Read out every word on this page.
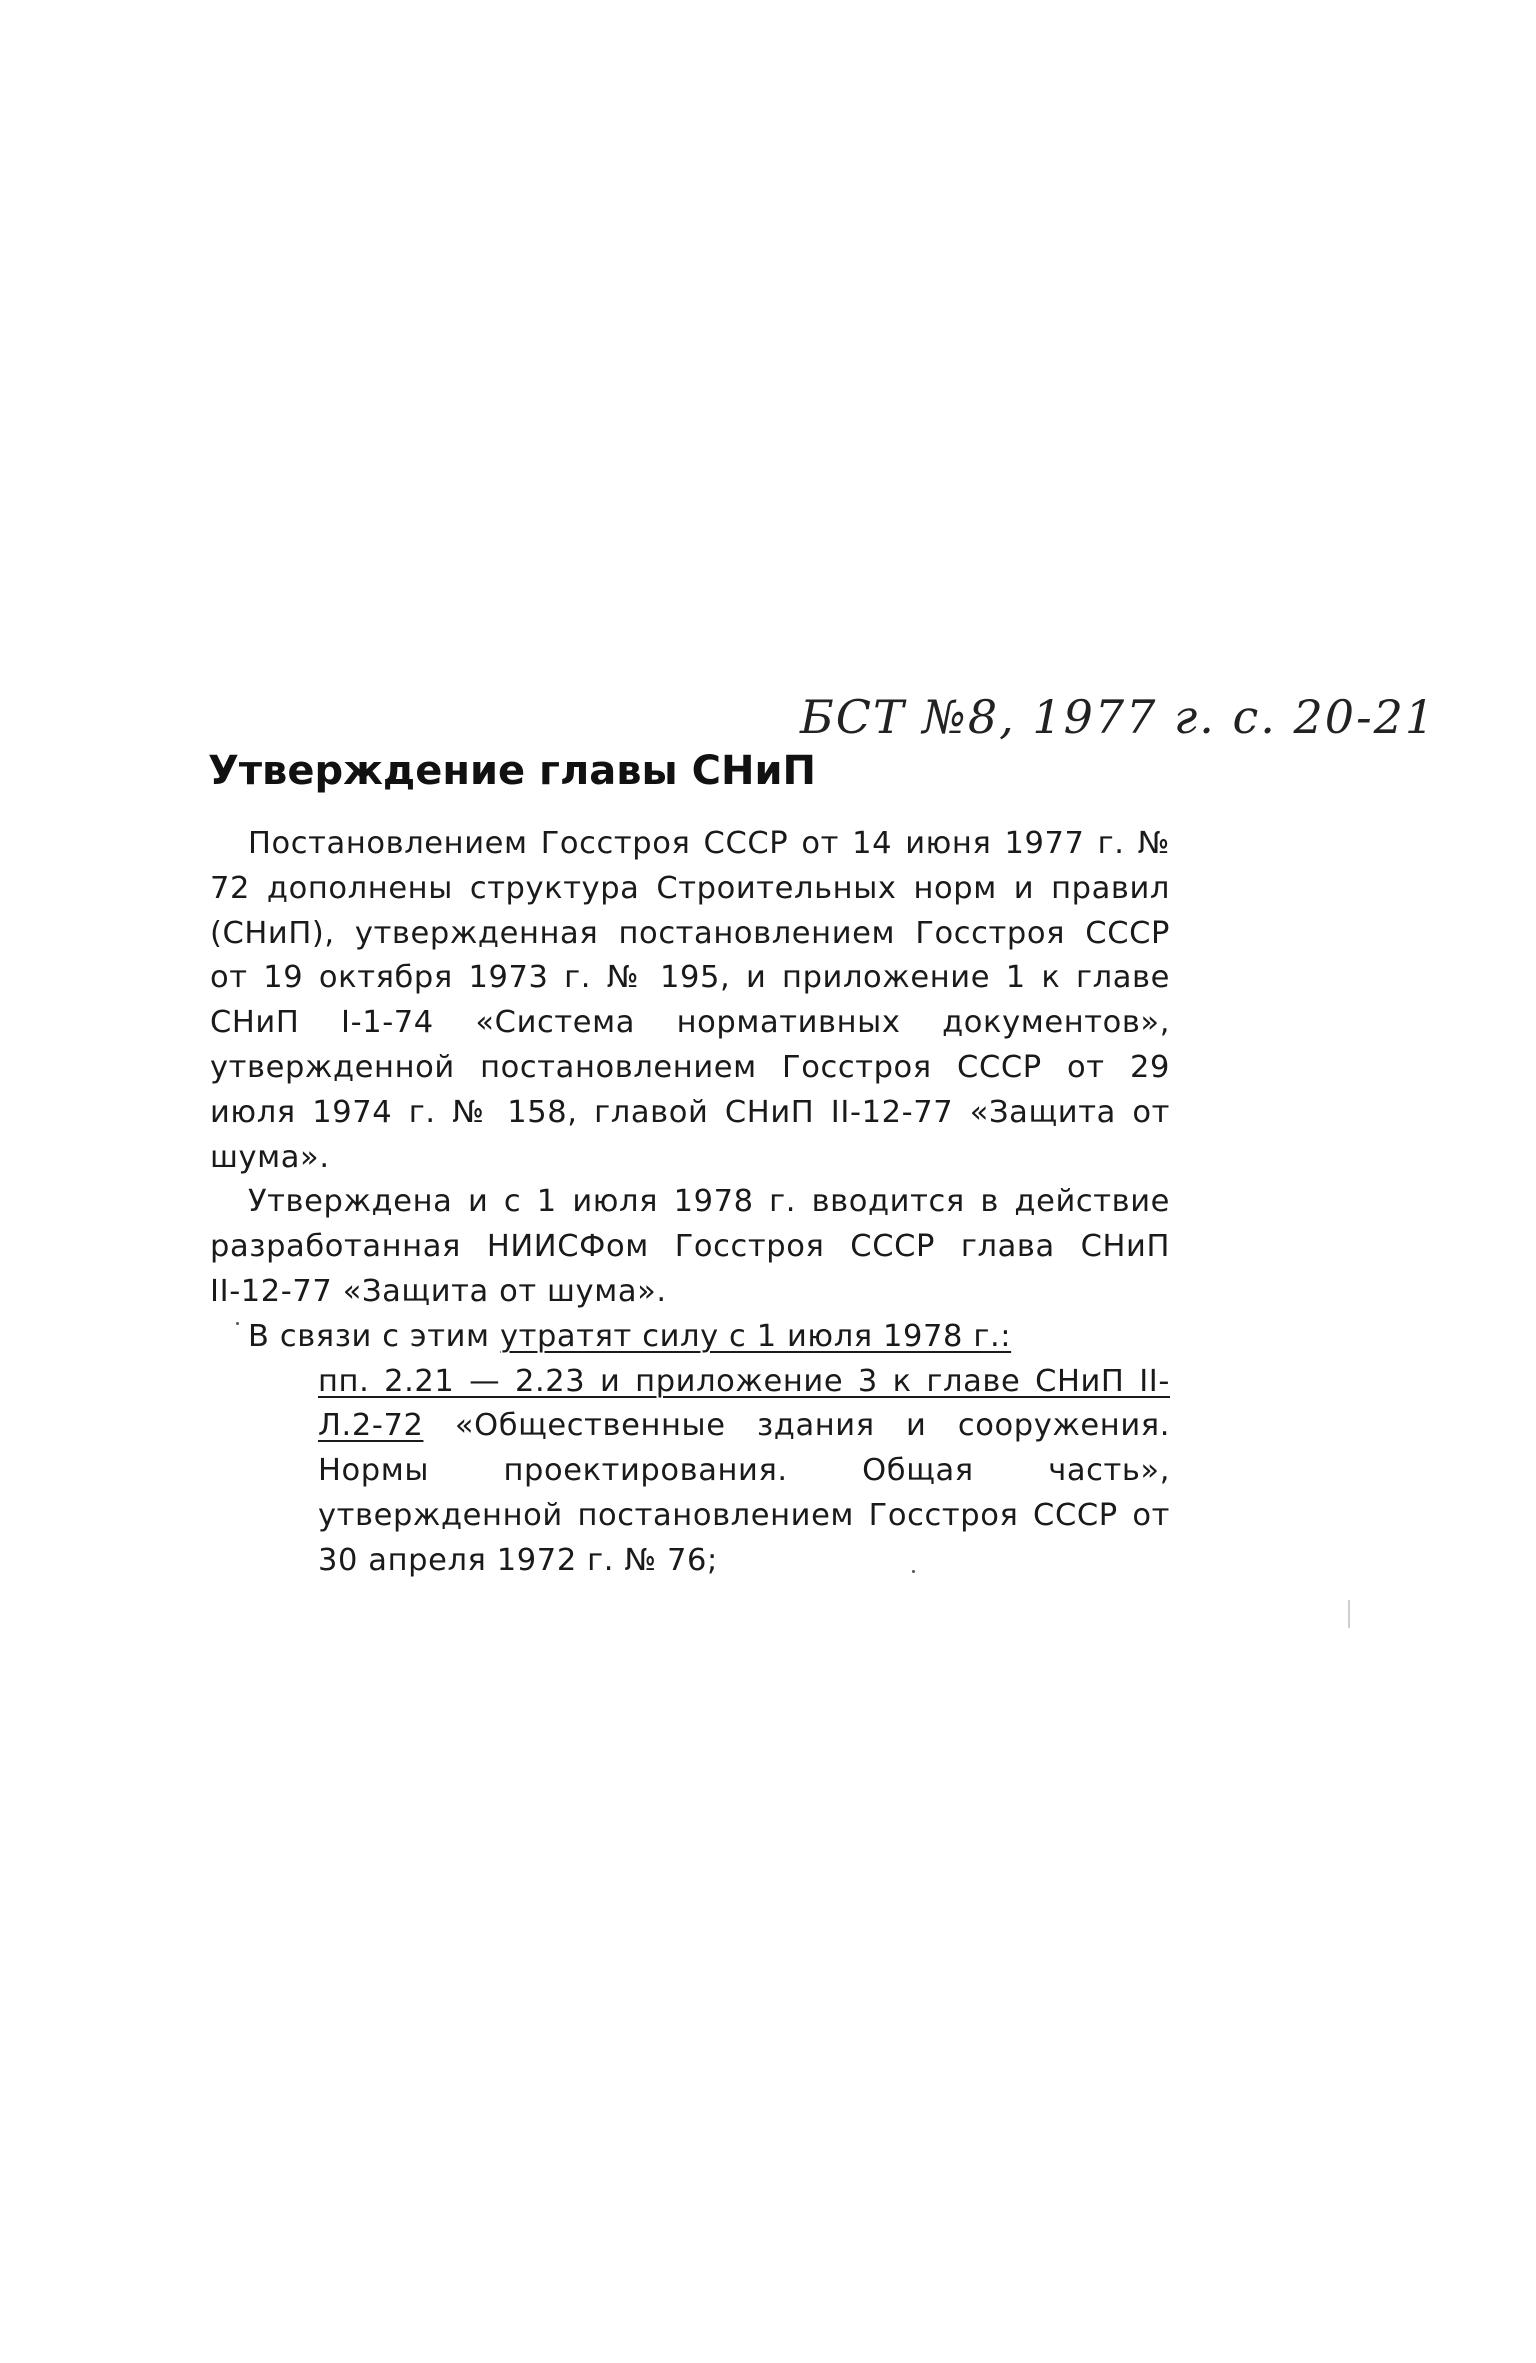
БСТ №8, 1977 г. с. 20-21
Утверждение главы СНиП

Постановлением Госстроя СССР от 14 июня 1977 г. № 72 дополнены структура Строительных норм и правил (СНиП), утвержденная постановлением Госстроя СССР от 19 октября 1973 г. № 195, и приложение 1 к главе СНиП І-1-74 «Система нормативных документов», утвержденной постановлением Госстроя СССР от 29 июля 1974 г. № 158, главой СНиП ІІ-12-77 «Защита от шума».

Утверждена и с 1 июля 1978 г. вводится в действие разработанная НИИСФом Госстроя СССР глава СНиП ІІ-12-77 «Защита от шума».

В связи с этим утратят силу с 1 июля 1978 г.:

пп. 2.21 — 2.23 и приложение 3 к главе СНиП ІІ-Л.2-72 «Общественные здания и сооружения. Нормы проектирования. Общая часть», утвержденной постановлением Госстроя СССР от 30 апреля 1972 г. № 76;
